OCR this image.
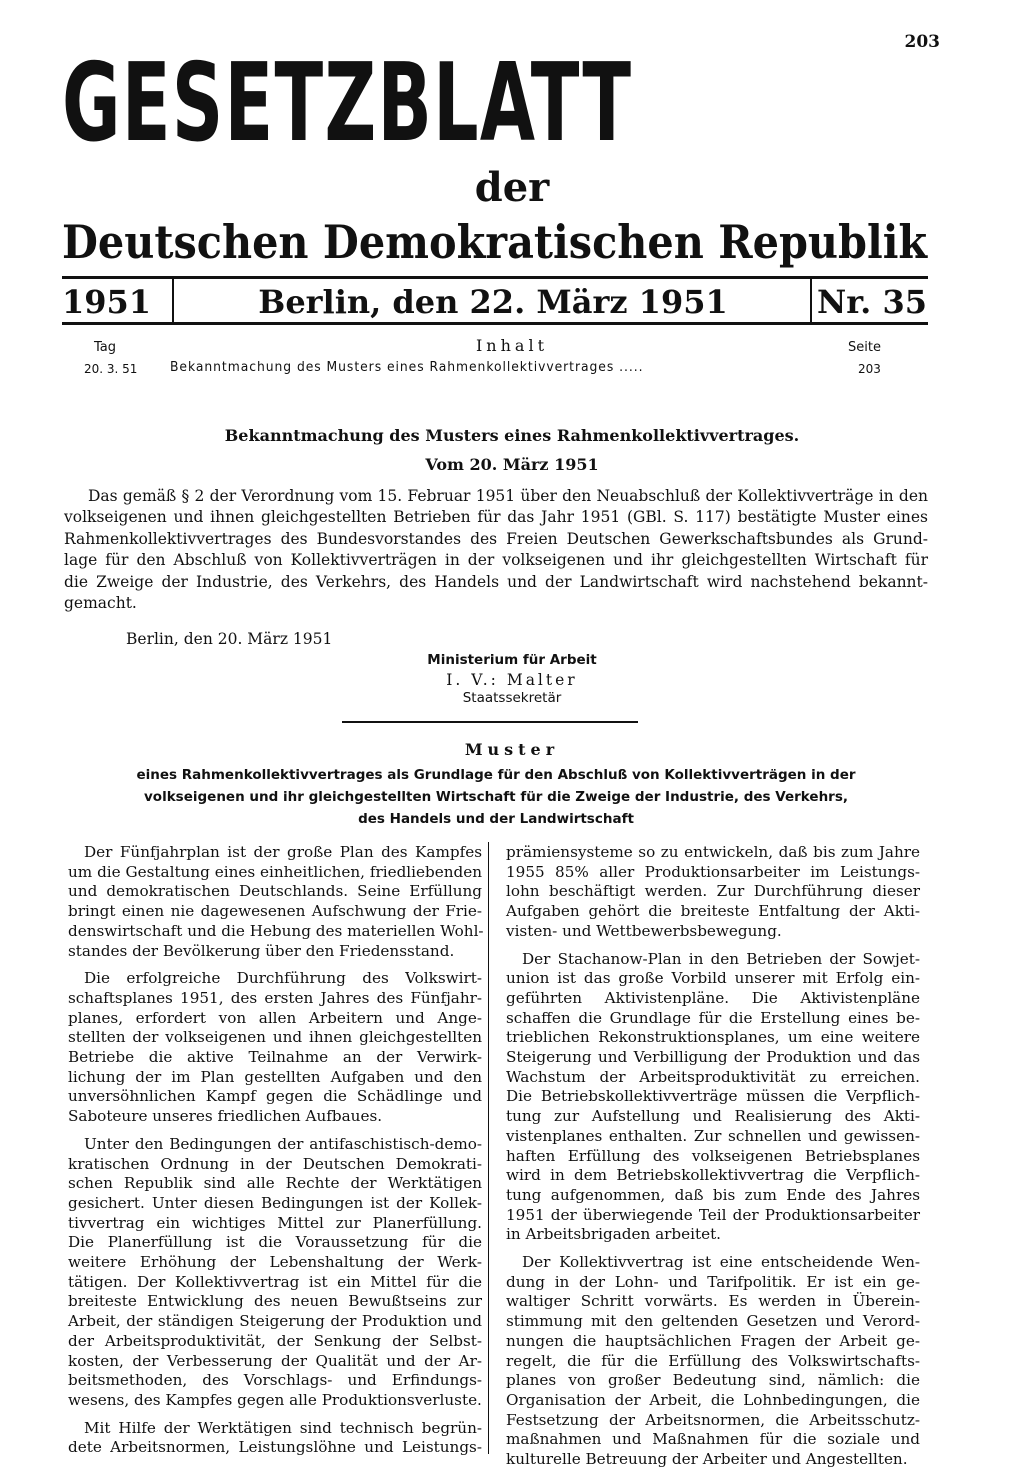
203
GESETZBLATT
der
Deutschen Demokratischen Republik
1951	Berlin, den 22. März 1951	Nr. 35
Tag	Inhalt	Seite
20. 3. 51	Bekanntmachung des Musters eines Rahmenkollektivvertrages .....	203
Bekanntmachung des Musters eines Rahmenkollektivvertrages.
Vom 20. März 1951
Das gemäß § 2 der Verordnung vom 15. Februar 1951 über den Neuabschluß der Kollektivverträge in den
volkseigenen und ihnen gleichgestellten Betrieben für das Jahr 1951 (GBl. S. 117) bestätigte Muster eines
Rahmenkollektivvertrages des Bundesvorstandes des Freien Deutschen Gewerkschaftsbundes als Grund-
lage für den Abschluß von Kollektivverträgen in der volkseigenen und ihr gleichgestellten Wirtschaft für
die Zweige der Industrie, des Verkehrs, des Handels und der Landwirtschaft wird nachstehend bekannt-
gemacht.
Berlin, den 20. März 1951
Ministerium für Arbeit
I. V.: Malter
Staatssekretär
Muster
eines Rahmenkollektivvertrages als Grundlage für den Abschluß von Kollektivverträgen in der
volkseigenen und ihr gleichgestellten Wirtschaft für die Zweige der Industrie, des Verkehrs,
des Handels und der Landwirtschaft
Der Fünfjahrplan ist der große Plan des Kampfes
um die Gestaltung eines einheitlichen, friedliebenden
und demokratischen Deutschlands. Seine Erfüllung
bringt einen nie dagewesenen Aufschwung der Frie-
denswirtschaft und die Hebung des materiellen Wohl-
standes der Bevölkerung über den Friedensstand.
Die erfolgreiche Durchführung des Volkswirt-
schaftsplanes 1951, des ersten Jahres des Fünfjahr-
planes, erfordert von allen Arbeitern und Ange-
stellten der volkseigenen und ihnen gleichgestellten
Betriebe die aktive Teilnahme an der Verwirk-
lichung der im Plan gestellten Aufgaben und den
unversöhnlichen Kampf gegen die Schädlinge und
Saboteure unseres friedlichen Aufbaues.
Unter den Bedingungen der antifaschistisch-demo-
kratischen Ordnung in der Deutschen Demokrati-
schen Republik sind alle Rechte der Werktätigen
gesichert. Unter diesen Bedingungen ist der Kollek-
tivvertrag ein wichtiges Mittel zur Planerfüllung.
Die Planerfüllung ist die Voraussetzung für die
weitere Erhöhung der Lebenshaltung der Werk-
tätigen. Der Kollektivvertrag ist ein Mittel für die
breiteste Entwicklung des neuen Bewußtseins zur
Arbeit, der ständigen Steigerung der Produktion und
der Arbeitsproduktivität, der Senkung der Selbst-
kosten, der Verbesserung der Qualität und der Ar-
beitsmethoden, des Vorschlags- und Erfindungs-
wesens, des Kampfes gegen alle Produktionsverluste.
Mit Hilfe der Werktätigen sind technisch begrün-
dete Arbeitsnormen, Leistungslöhne und Leistungs-
prämiensysteme so zu entwickeln, daß bis zum Jahre
1955 85% aller Produktionsarbeiter im Leistungs-
lohn beschäftigt werden. Zur Durchführung dieser
Aufgaben gehört die breiteste Entfaltung der Akti-
visten- und Wettbewerbsbewegung.
Der Stachanow-Plan in den Betrieben der Sowjet-
union ist das große Vorbild unserer mit Erfolg ein-
geführten Aktivistenpläne. Die Aktivistenpläne
schaffen die Grundlage für die Erstellung eines be-
trieblichen Rekonstruktionsplanes, um eine weitere
Steigerung und Verbilligung der Produktion und das
Wachstum der Arbeitsproduktivität zu erreichen.
Die Betriebskollektivverträge müssen die Verpflich-
tung zur Aufstellung und Realisierung des Akti-
vistenplanes enthalten. Zur schnellen und gewissen-
haften Erfüllung des volkseigenen Betriebsplanes
wird in dem Betriebskollektivvertrag die Verpflich-
tung aufgenommen, daß bis zum Ende des Jahres
1951 der überwiegende Teil der Produktionsarbeiter
in Arbeitsbrigaden arbeitet.
Der Kollektivvertrag ist eine entscheidende Wen-
dung in der Lohn- und Tarifpolitik. Er ist ein ge-
waltiger Schritt vorwärts. Es werden in Überein-
stimmung mit den geltenden Gesetzen und Verord-
nungen die hauptsächlichen Fragen der Arbeit ge-
regelt, die für die Erfüllung des Volkswirtschafts-
planes von großer Bedeutung sind, nämlich: die
Organisation der Arbeit, die Lohnbedingungen, die
Festsetzung der Arbeitsnormen, die Arbeitsschutz-
maßnahmen und Maßnahmen für die soziale und
kulturelle Betreuung der Arbeiter und Angestellten.
